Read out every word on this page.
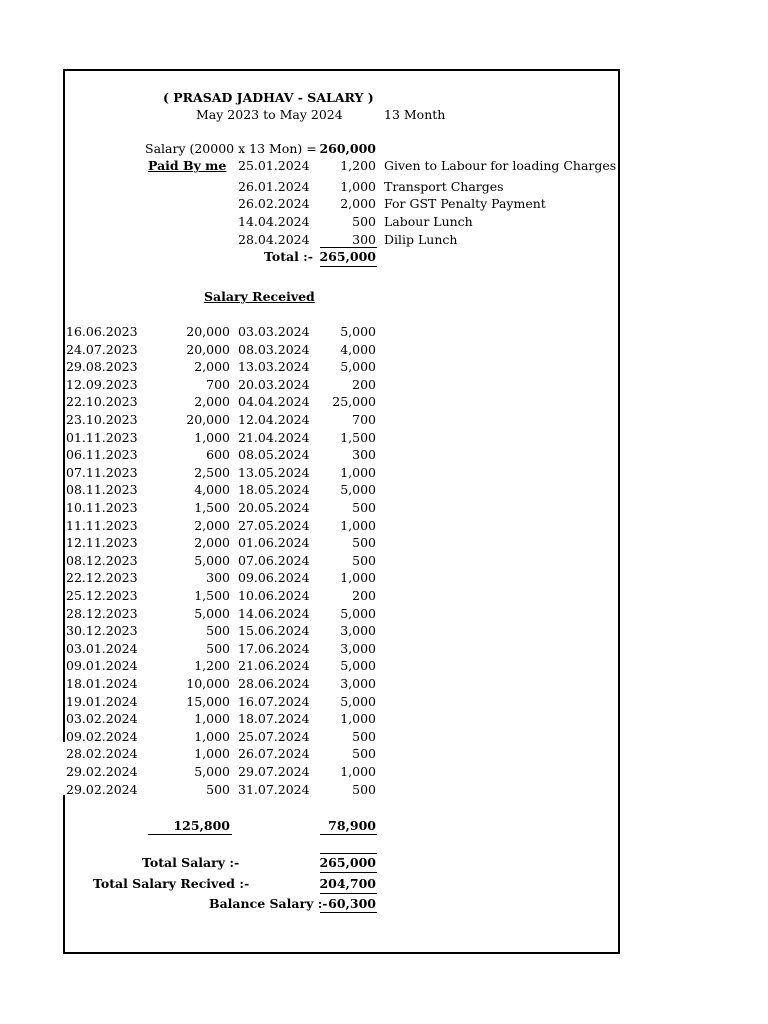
( PRASAD JADHAV - SALARY )
May 2023 to May 2024	13 Month
Salary (20000 x 13 Mon) = 260,000
Paid By me 25.01.2024	1,200 Given to Labour for loading Charges
26.01.2024	1,000 Transport Charges
26.02.2024	2,000 For GST Penalty Payment
14.04.2024	500 Labour Lunch
28.04.2024	300 Dilip Lunch
Total :- 265,000
Salary Received
16.06.2023	20,000 03.03.2024	5,000
24.07.2023	20,000 08.03.2024	4,000
29.08.2023	2,000 13.03.2024	5,000
12.09.2023	700 20.03.2024	200
22.10.2023	2,000 04.04.2024	25,000
23.10.2023	20,000 12.04.2024	700
01.11.2023	1,000 21.04.2024	1,500
06.11.2023	600 08.05.2024	300
07.11.2023	2,500 13.05.2024	1,000
08.11.2023	4,000 18.05.2024	5,000
10.11.2023	1,500 20.05.2024	500
11.11.2023	2,000 27.05.2024	1,000
12.11.2023	2,000 01.06.2024	500
08.12.2023	5,000 07.06.2024	500
22.12.2023	300 09.06.2024	1,000
25.12.2023	1,500 10.06.2024	200
28.12.2023	5,000 14.06.2024	5,000
30.12.2023	500 15.06.2024	3,000
03.01.2024	500 17.06.2024	3,000
09.01.2024	1,200 21.06.2024	5,000
18.01.2024	10,000 28.06.2024	3,000
19.01.2024	15,000 16.07.2024	5,000
03.02.2024	1,000 18.07.2024	1,000
09.02.2024	1,000 25.07.2024	500
28.02.2024	1,000 26.07.2024	500
29.02.2024	5,000 29.07.2024	1,000
29.02.2024	500 31.07.2024	500
125,800	78,900
Total Salary :-	265,000
Total Salary Recived :-	204,700
Balance Salary :- 60,300
